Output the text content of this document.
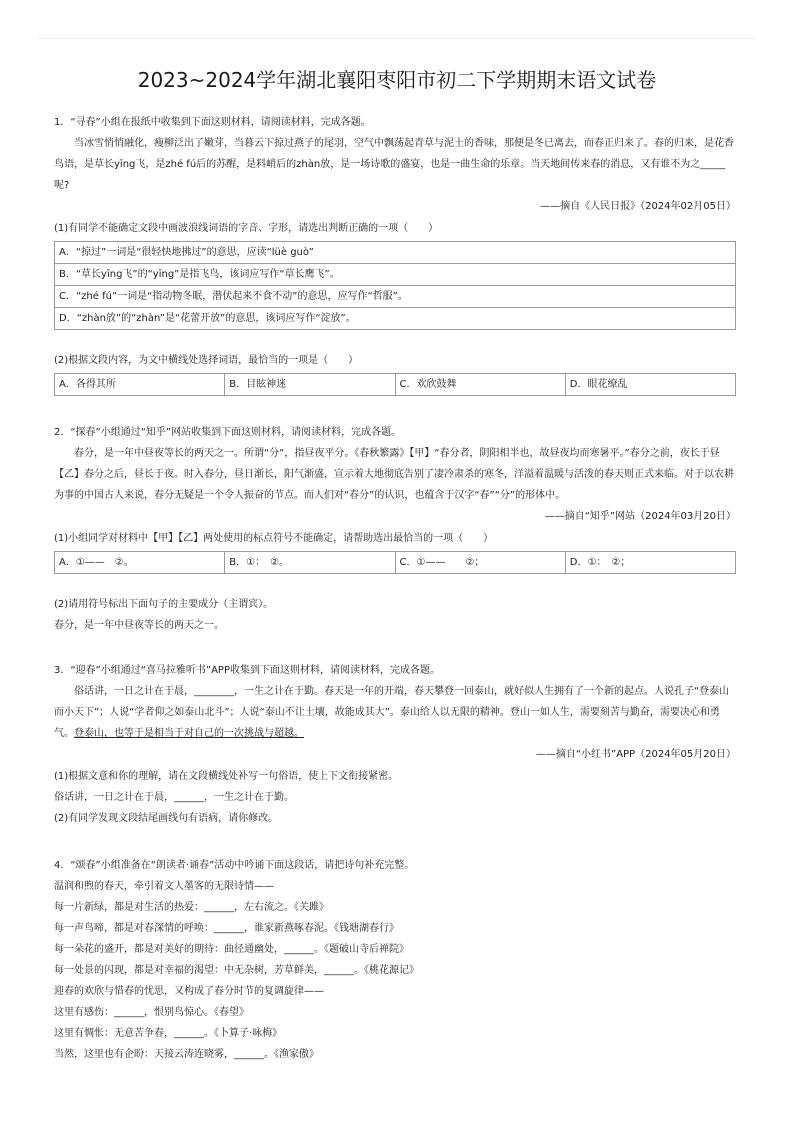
2023~2024学年湖北襄阳枣阳市初二下学期期末语文试卷

1．“寻春”小组在报纸中收集到下面这则材料，请阅读材料，完成各题。

当冰雪悄悄融化，瘦柳泛出了嫩芽，当暮云下掠过燕子的尾羽，空气中飘荡起青草与泥土的香味，那便是冬已离去，而春正归来了。春的归来，是花香鸟语，是草长yīng飞，是zhé fú后的苏醒，是料峭后的zhàn放，是一场诗歌的盛宴，也是一曲生命的乐章。当天地间传来春的消息，又有谁不为之_____呢?

——摘自《人民日报》（2024年02月05日）

(1)有同学不能确定文段中画波浪线词语的字音、字形，请选出判断正确的一项（　　）

A．“掠过”一词是“很轻快地拂过”的意思，应读“lüè guò”
B．“草长yīng飞”的“yīng”是指飞鸟，该词应写作“草长鹰飞”。
C．“zhé fú”一词是“指动物冬眠，潜伏起来不食不动”的意思，应写作“哲服”。
D．“zhàn放”的“zhàn”是“花蕾开放”的意思，该词应写作“淀放”。

(2)根据文段内容，为文中横线处选择词语，最恰当的一项是（　　）

A．各得其所	B．目眩神迷	C．欢欣鼓舞	D．眼花缭乱

2．“探春”小组通过“知乎”网站收集到下面这则材料，请阅读材料，完成各题。

春分，是一年中昼夜等长的两天之一。所谓“分”，指昼夜平分。《春秋繁露》【甲】“春分者，阴阳相半也，故昼夜均而寒暑平。”春分之前，夜长于昼【乙】春分之后，昼长于夜。时入春分，昼日渐长，阳气渐盛，宣示着大地彻底告别了凄冷肃杀的寒冬，洋溢着温暖与活泼的春天则正式来临。对于以农耕为事的中国古人来说，春分无疑是一个令人振奋的节点。而人们对“春分”的认识，也蕴含于汉字“春”“分”的形体中。

——摘自“知乎”网站（2024年03月20日）

(1)小组同学对材料中【甲】【乙】两处使用的标点符号不能确定，请帮助选出最恰当的一项（　　）

A．①——　②。	B．①：　②。	C．①——　　②；	D．①：　②；

(2)请用符号标出下面句子的主要成分（主谓宾）。

春分，是一年中昼夜等长的两天之一。

3．“迎春”小组通过“喜马拉雅听书”APP收集到下面这则材料，请阅读材料，完成各题。

俗话讲，一日之计在于晨，________，一生之计在于勤。春天是一年的开端，春天攀登一回泰山，就好似人生拥有了一个新的起点。人说孔子“登泰山而小天下”；人说“学者仰之如泰山北斗”；人说“泰山不让土壤，故能成其大”。泰山给人以无限的精神。登山一如人生，需要刻苦与勤奋，需要决心和勇气。登泰山，也等于是相当于对自己的一次挑战与超越。

——摘自“小红书”APP（2024年05月20日）

(1)根据文意和你的理解，请在文段横线处补写一句俗语，使上下文衔接紧密。

俗话讲，一日之计在于晨，______，一生之计在于勤。

(2)有同学发现文段结尾画线句有语病，请你修改。

4．“颂春”小组准备在“朗读者·诵春”活动中吟诵下面这段话，请把诗句补充完整。

温润和煦的春天，牵引着文人墨客的无限诗情——

每一片新绿，都是对生活的热爱：______，左右流之。《关雎》

每一声鸟啼，都是对春深情的呼唤：______，谁家新燕啄春泥。《钱塘湖春行》

每一朵花的盛开，都是对美好的期待：曲径通幽处，______。《题破山寺后禅院》

每一处景的闪现，都是对幸福的渴望：中无杂树，芳草鲜美，______。《桃花源记》

迎春的欢欣与惜春的忧思，又构成了春分时节的复调旋律——

这里有感伤：______，恨别鸟惊心。《春望》

这里有惆怅：无意苦争春，______。《卜算子·咏梅》

当然，这里也有企盼：天接云涛连晓雾，______。《渔家傲》
